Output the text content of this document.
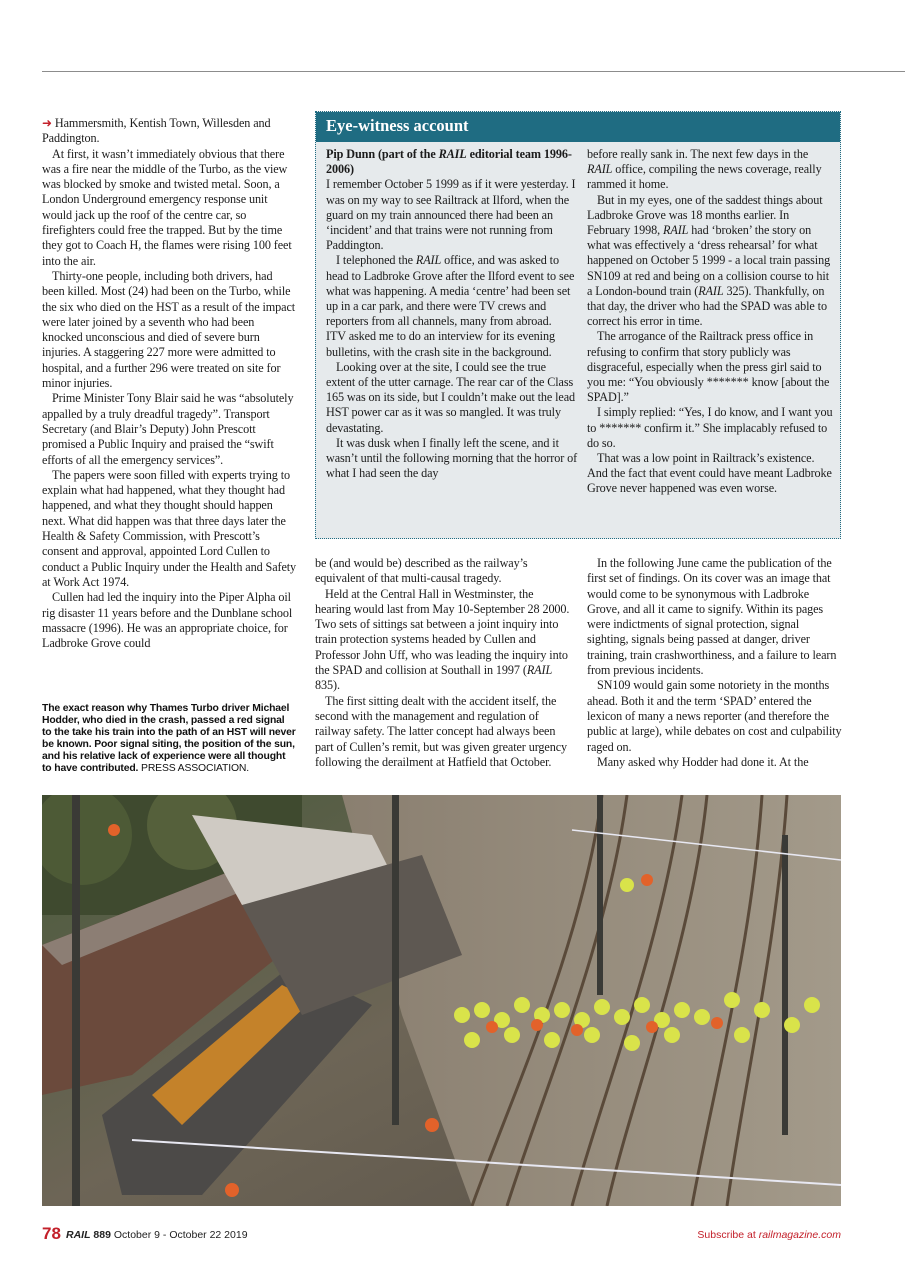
➜ Hammersmith, Kentish Town, Willesden and Paddington.

At first, it wasn’t immediately obvious that there was a fire near the middle of the Turbo, as the view was blocked by smoke and twisted metal. Soon, a London Underground emergency response unit would jack up the roof of the centre car, so firefighters could free the trapped. But by the time they got to Coach H, the flames were rising 100 feet into the air.

Thirty-one people, including both drivers, had been killed. Most (24) had been on the Turbo, while the six who died on the HST as a result of the impact were later joined by a seventh who had been knocked unconscious and died of severe burn injuries. A staggering 227 more were admitted to hospital, and a further 296 were treated on site for minor injuries.

Prime Minister Tony Blair said he was “absolutely appalled by a truly dreadful tragedy”. Transport Secretary (and Blair’s Deputy) John Prescott promised a Public Inquiry and praised the “swift efforts of all the emergency services”.

The papers were soon filled with experts trying to explain what had happened, what they thought had happened, and what they thought should happen next. What did happen was that three days later the Health & Safety Commission, with Prescott’s consent and approval, appointed Lord Cullen to conduct a Public Inquiry under the Health and Safety at Work Act 1974.

Cullen had led the inquiry into the Piper Alpha oil rig disaster 11 years before and the Dunblane school massacre (1996). He was an appropriate choice, for Ladbroke Grove could

The exact reason why Thames Turbo driver Michael Hodder, who died in the crash, passed a red signal to the take his train into the path of an HST will never be known. Poor signal siting, the position of the sun, and his relative lack of experience were all thought to have contributed. PRESS ASSOCIATION.
Eye-witness account

Pip Dunn (part of the RAIL editorial team 1996-2006)

I remember October 5 1999 as if it were yesterday. I was on my way to see Railtrack at Ilford, when the guard on my train announced there had been an ‘incident’ and that trains were not running from Paddington.

I telephoned the RAIL office, and was asked to head to Ladbroke Grove after the Ilford event to see what was happening. A media ‘centre’ had been set up in a car park, and there were TV crews and reporters from all channels, many from abroad.

ITV asked me to do an interview for its evening bulletins, with the crash site in the background.

Looking over at the site, I could see the true extent of the utter carnage. The rear car of the Class 165 was on its side, but I couldn’t make out the lead HST power car as it was so mangled. It was truly devastating.

It was dusk when I finally left the scene, and it wasn’t until the following morning that the horror of what I had seen the day

before really sank in. The next few days in the RAIL office, compiling the news coverage, really rammed it home.

But in my eyes, one of the saddest things about Ladbroke Grove was 18 months earlier. In February 1998, RAIL had ‘broken’ the story on what was effectively a ‘dress rehearsal’ for what happened on October 5 1999 - a local train passing SN109 at red and being on a collision course to hit a London-bound train (RAIL 325). Thankfully, on that day, the driver who had the SPAD was able to correct his error in time.

The arrogance of the Railtrack press office in refusing to confirm that story publicly was disgraceful, especially when the press girl said to you me: “You obviously ******* know [about the SPAD].”

I simply replied: “Yes, I do know, and I want you to ******* confirm it.” She implacably refused to do so.

That was a low point in Railtrack’s existence. And the fact that event could have meant Ladbroke Grove never happened was even worse.

be (and would be) described as the railway’s equivalent of that multi-causal tragedy.

Held at the Central Hall in Westminster, the hearing would last from May 10-September 28 2000. Two sets of sittings sat between a joint inquiry into train protection systems headed by Cullen and Professor John Uff, who was leading the inquiry into the SPAD and collision at Southall in 1997 (RAIL 835).

The first sitting dealt with the accident itself, the second with the management and regulation of railway safety. The latter concept had always been part of Cullen’s remit, but was given greater urgency following the derailment at Hatfield that October.

In the following June came the publication of the first set of findings. On its cover was an image that would come to be synonymous with Ladbroke Grove, and all it came to signify. Within its pages were indictments of signal protection, signal sighting, signals being passed at danger, driver training, train crashworthiness, and a failure to learn from previous incidents.

SN109 would gain some notoriety in the months ahead. Both it and the term ‘SPAD’ entered the lexicon of many a news reporter (and therefore the public at large), while debates on cost and culpability raged on.

Many asked why Hodder had done it. At the

78 RAIL 889 October 9 - October 22 2019	Subscribe at railmagazine.com
